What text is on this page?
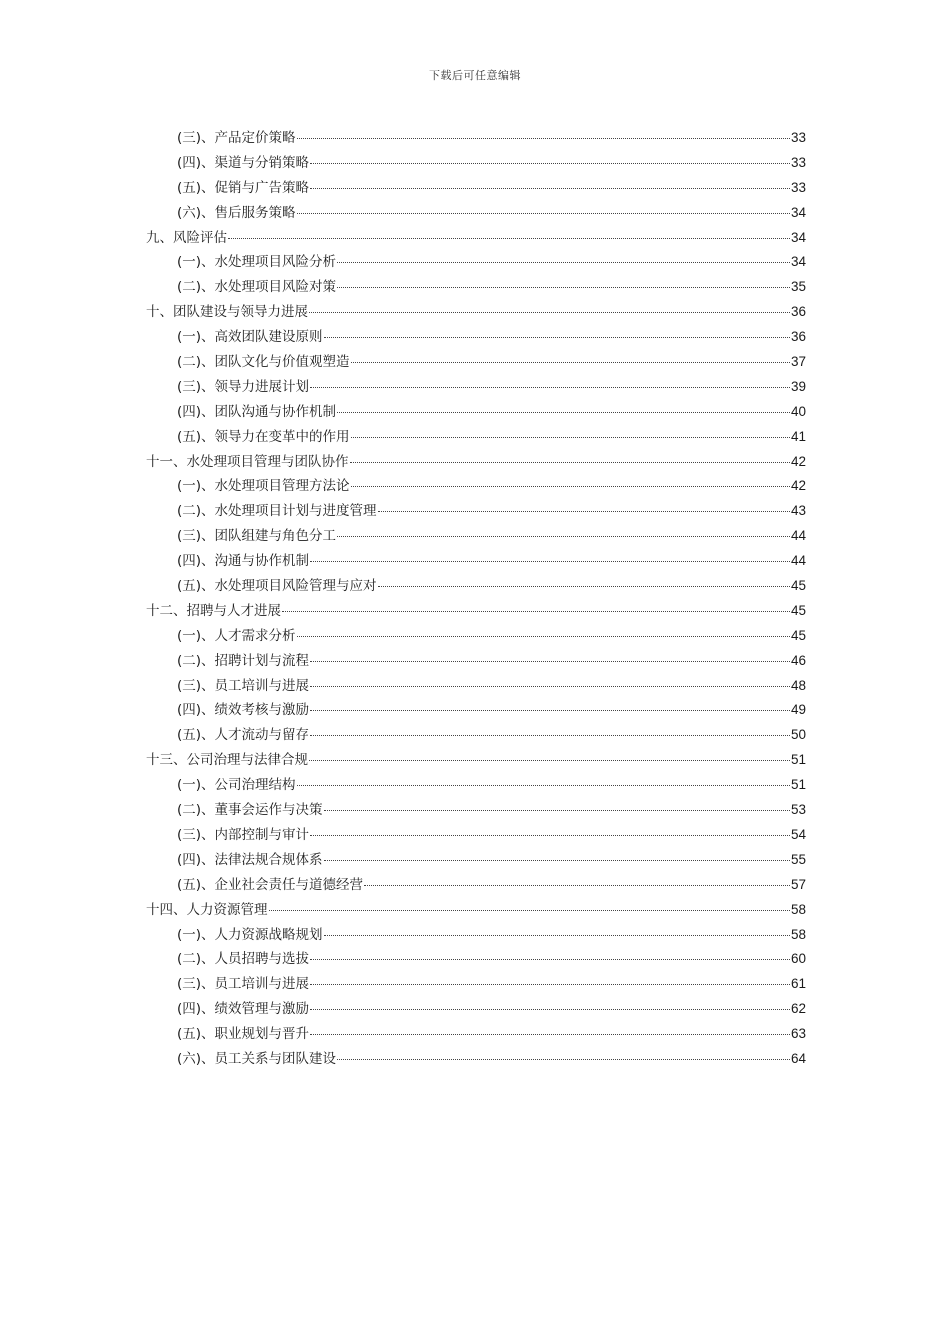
下载后可任意编辑
(三)、产品定价策略	33
(四)、渠道与分销策略	33
(五)、促销与广告策略	33
(六)、售后服务策略	34
九、风险评估	34
(一)、水处理项目风险分析	34
(二)、水处理项目风险对策	35
十、团队建设与领导力进展	36
(一)、高效团队建设原则	36
(二)、团队文化与价值观塑造	37
(三)、领导力进展计划	39
(四)、团队沟通与协作机制	40
(五)、领导力在变革中的作用	41
十一、水处理项目管理与团队协作	42
(一)、水处理项目管理方法论	42
(二)、水处理项目计划与进度管理	43
(三)、团队组建与角色分工	44
(四)、沟通与协作机制	44
(五)、水处理项目风险管理与应对	45
十二、招聘与人才进展	45
(一)、人才需求分析	45
(二)、招聘计划与流程	46
(三)、员工培训与进展	48
(四)、绩效考核与激励	49
(五)、人才流动与留存	50
十三、公司治理与法律合规	51
(一)、公司治理结构	51
(二)、董事会运作与决策	53
(三)、内部控制与审计	54
(四)、法律法规合规体系	55
(五)、企业社会责任与道德经营	57
十四、人力资源管理	58
(一)、人力资源战略规划	58
(二)、人员招聘与选拔	60
(三)、员工培训与进展	61
(四)、绩效管理与激励	62
(五)、职业规划与晋升	63
(六)、员工关系与团队建设	64
